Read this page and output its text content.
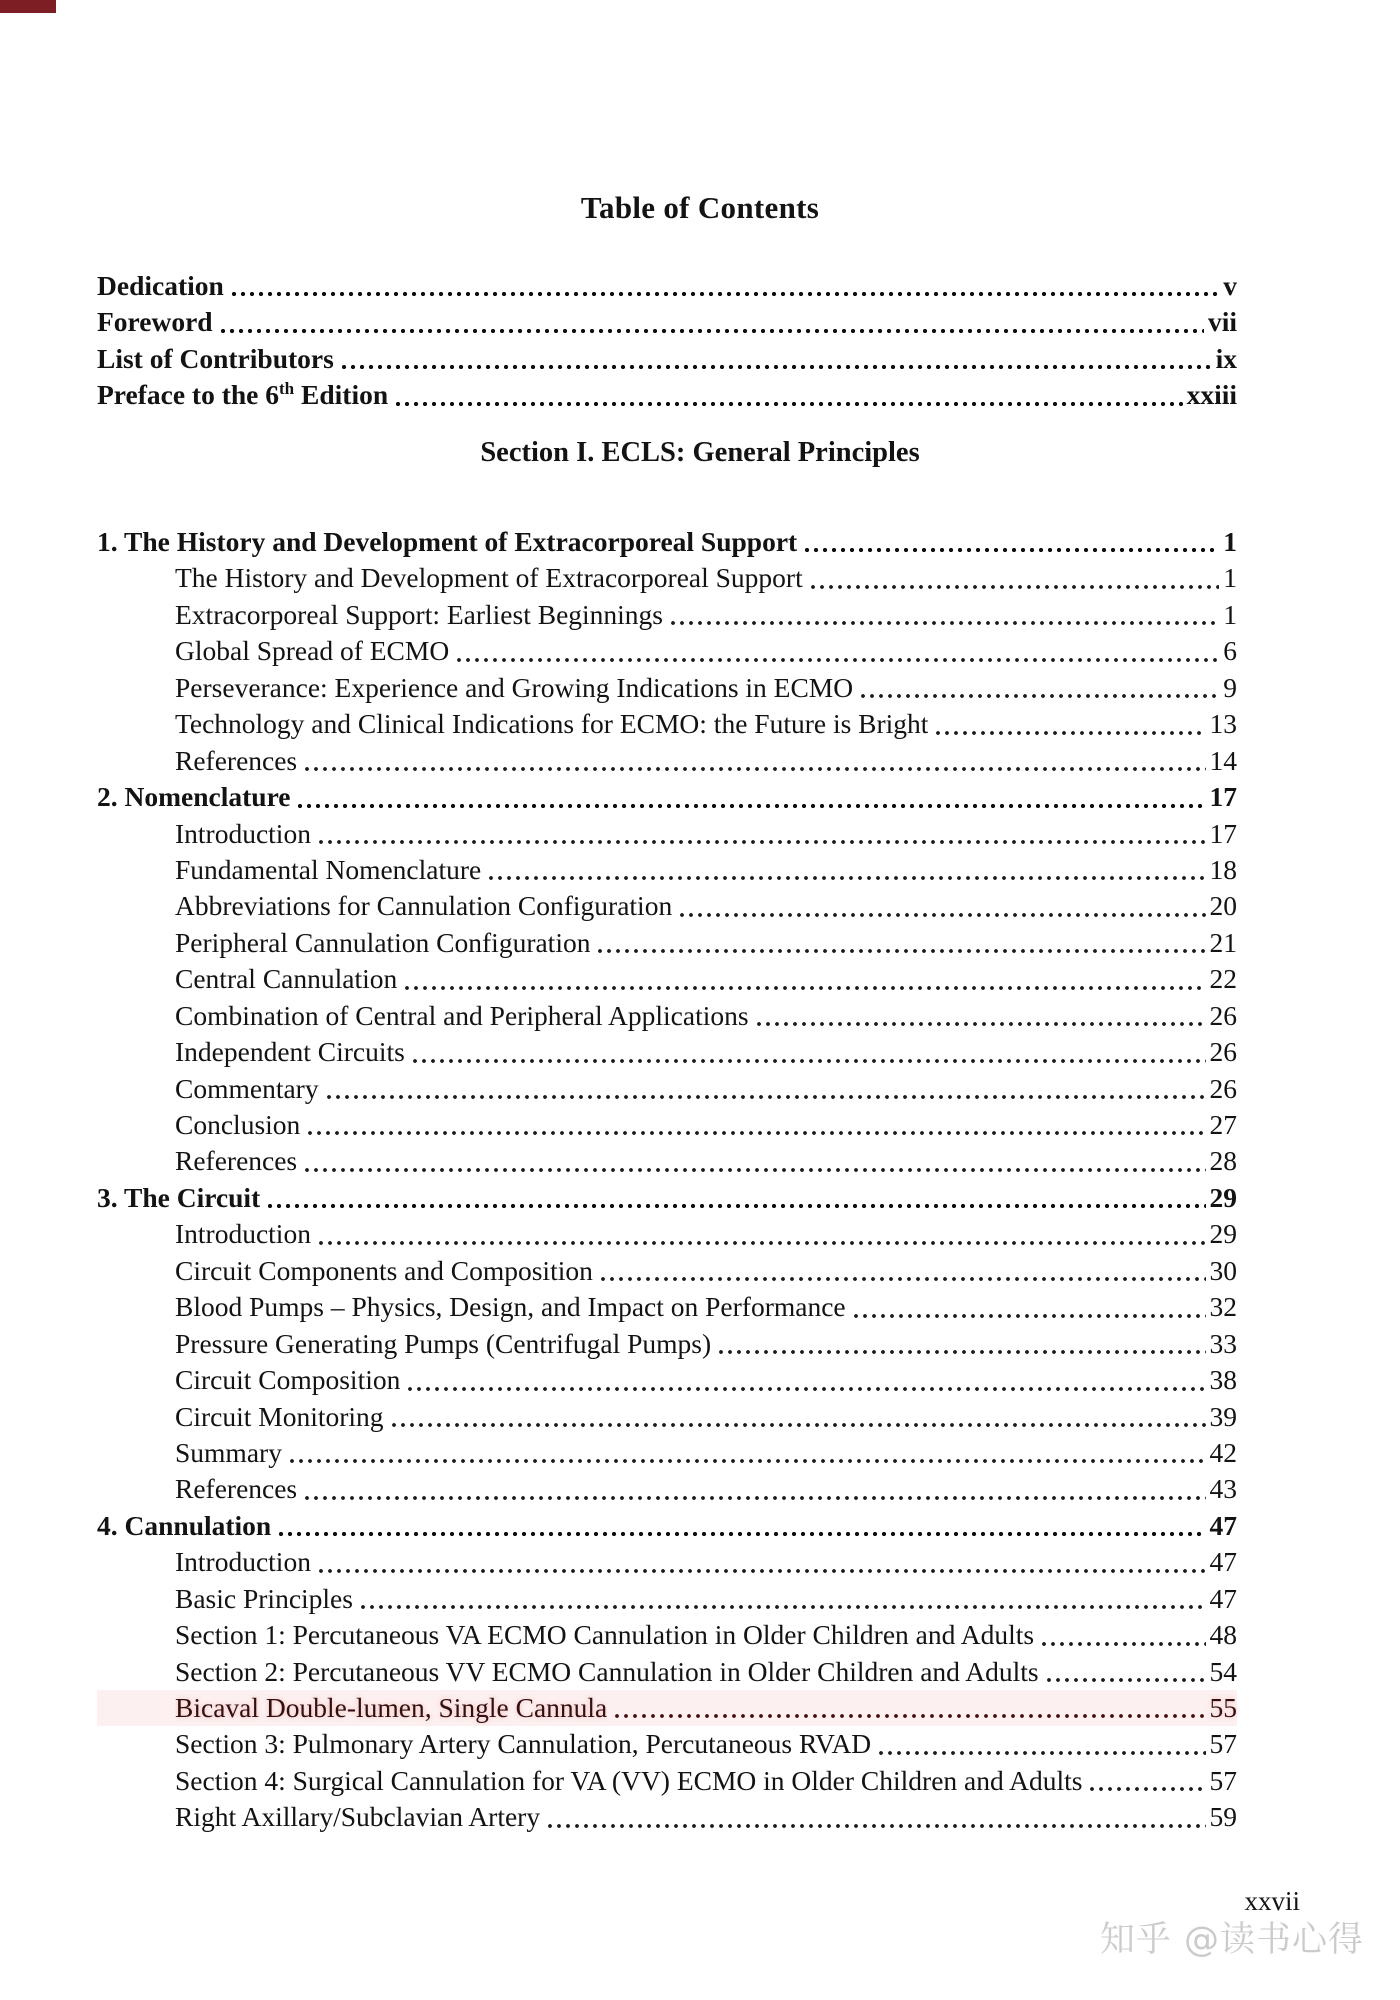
Table of Contents
Dedication	v
Foreword	vii
List of Contributors	ix
Preface to the 6th Edition	xxiii
Section I. ECLS: General Principles
1. The History and Development of Extracorporeal Support	1
The History and Development of Extracorporeal Support	1
Extracorporeal Support: Earliest Beginnings	1
Global Spread of ECMO	6
Perseverance: Experience and Growing Indications in ECMO	9
Technology and Clinical Indications for ECMO: the Future is Bright	13
References	14
2. Nomenclature	17
Introduction	17
Fundamental Nomenclature	18
Abbreviations for Cannulation Configuration	20
Peripheral Cannulation Configuration	21
Central Cannulation	22
Combination of Central and Peripheral Applications	26
Independent Circuits	26
Commentary	26
Conclusion	27
References	28
3. The Circuit	29
Introduction	29
Circuit Components and Composition	30
Blood Pumps – Physics, Design, and Impact on Performance	32
Pressure Generating Pumps (Centrifugal Pumps)	33
Circuit Composition	38
Circuit Monitoring	39
Summary	42
References	43
4. Cannulation	47
Introduction	47
Basic Principles	47
Section 1: Percutaneous VA ECMO Cannulation in Older Children and Adults	48
Section 2: Percutaneous VV ECMO Cannulation in Older Children and Adults	54
Bicaval Double-lumen, Single Cannula	55
Section 3: Pulmonary Artery Cannulation, Percutaneous RVAD	57
Section 4: Surgical Cannulation for VA (VV) ECMO in Older Children and Adults	57
Right Axillary/Subclavian Artery	59
xxvii
知乎 @读书心得
